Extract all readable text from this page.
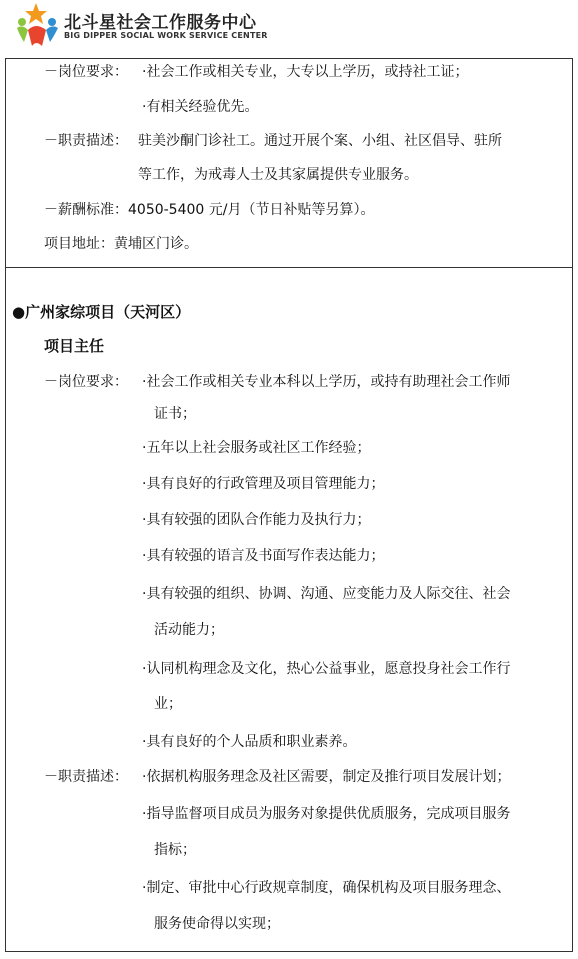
北斗星社会工作服务中心
BIG DIPPER SOCIAL WORK SERVICE CENTER
－岗位要求： ·社会工作或相关专业，大专以上学历，或持社工证；
·有相关经验优先。
－职责描述： 驻美沙酮门诊社工。通过开展个案、小组、社区倡导、驻所
等工作，为戒毒人士及其家属提供专业服务。
－薪酬标准：4050-5400 元/月（节日补贴等另算）。
项目地址：黄埔区门诊。
●广州家综项目（天河区）
项目主任
－岗位要求： ·社会工作或相关专业本科以上学历，或持有助理社会工作师
证书；
·五年以上社会服务或社区工作经验；
·具有良好的行政管理及项目管理能力；
·具有较强的团队合作能力及执行力；
·具有较强的语言及书面写作表达能力；
·具有较强的组织、协调、沟通、应变能力及人际交往、社会
活动能力；
·认同机构理念及文化，热心公益事业，愿意投身社会工作行
业；
·具有良好的个人品质和职业素养。
－职责描述： ·依据机构服务理念及社区需要，制定及推行项目发展计划；
·指导监督项目成员为服务对象提供优质服务，完成项目服务
指标；
·制定、审批中心行政规章制度，确保机构及项目服务理念、
服务使命得以实现；
